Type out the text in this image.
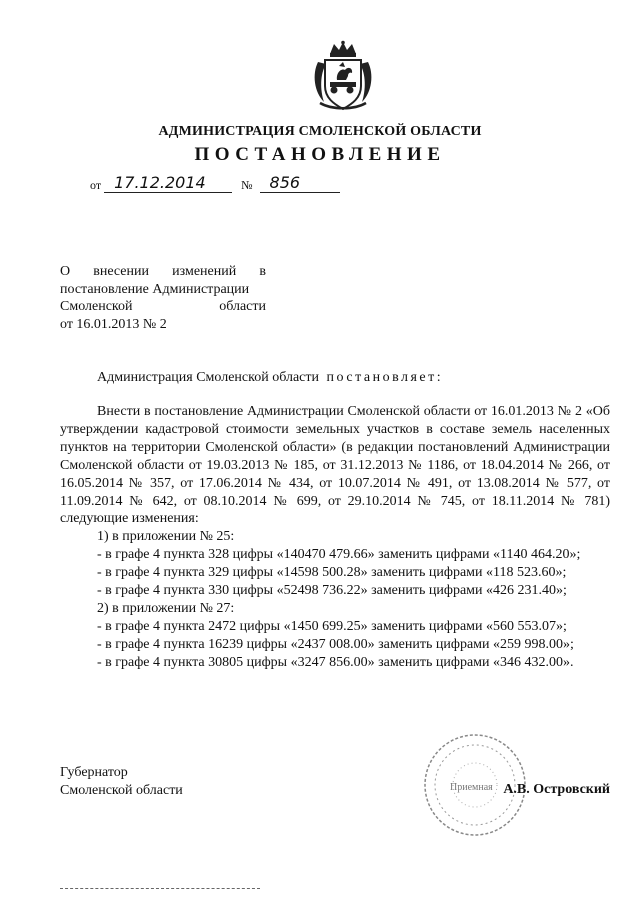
АДМИНИСТРАЦИЯ СМОЛЕНСКОЙ ОБЛАСТИ
ПОСТАНОВЛЕНИЕ
от 17.12.2014	№ 856
О внесении изменений в
постановление Администрации
Смоленской области
от 16.01.2013 № 2
Администрация Смоленской области постановляет:

Внести в постановление Администрации Смоленской области от 16.01.2013 № 2 «Об утверждении кадастровой стоимости земельных участков в составе земель населенных пунктов на территории Смоленской области» (в редакции постановлений Администрации Смоленской области от 19.03.2013 № 185, от 31.12.2013 № 1186, от 18.04.2014 № 266, от 16.05.2014 № 357, от 17.06.2014 № 434, от 10.07.2014 № 491, от 13.08.2014 № 577, от 11.09.2014 № 642, от 08.10.2014 № 699, от 29.10.2014 № 745, от 18.11.2014 № 781) следующие изменения:

1) в приложении № 25:

- в графе 4 пункта 328 цифры «140470 479.66» заменить цифрами «1140 464.20»;

- в графе 4 пункта 329 цифры «14598 500.28» заменить цифрами «118 523.60»;

- в графе 4 пункта 330 цифры «52498 736.22» заменить цифрами «426 231.40»;

2) в приложении № 27:

- в графе 4 пункта 2472 цифры «1450 699.25» заменить цифрами «560 553.07»;

- в графе 4 пункта 16239 цифры «2437 008.00» заменить цифрами «259 998.00»;

- в графе 4 пункта 30805 цифры «3247 856.00» заменить цифрами «346 432.00».

Приемная
Губернатор
Смоленской области	А.В. Островский
